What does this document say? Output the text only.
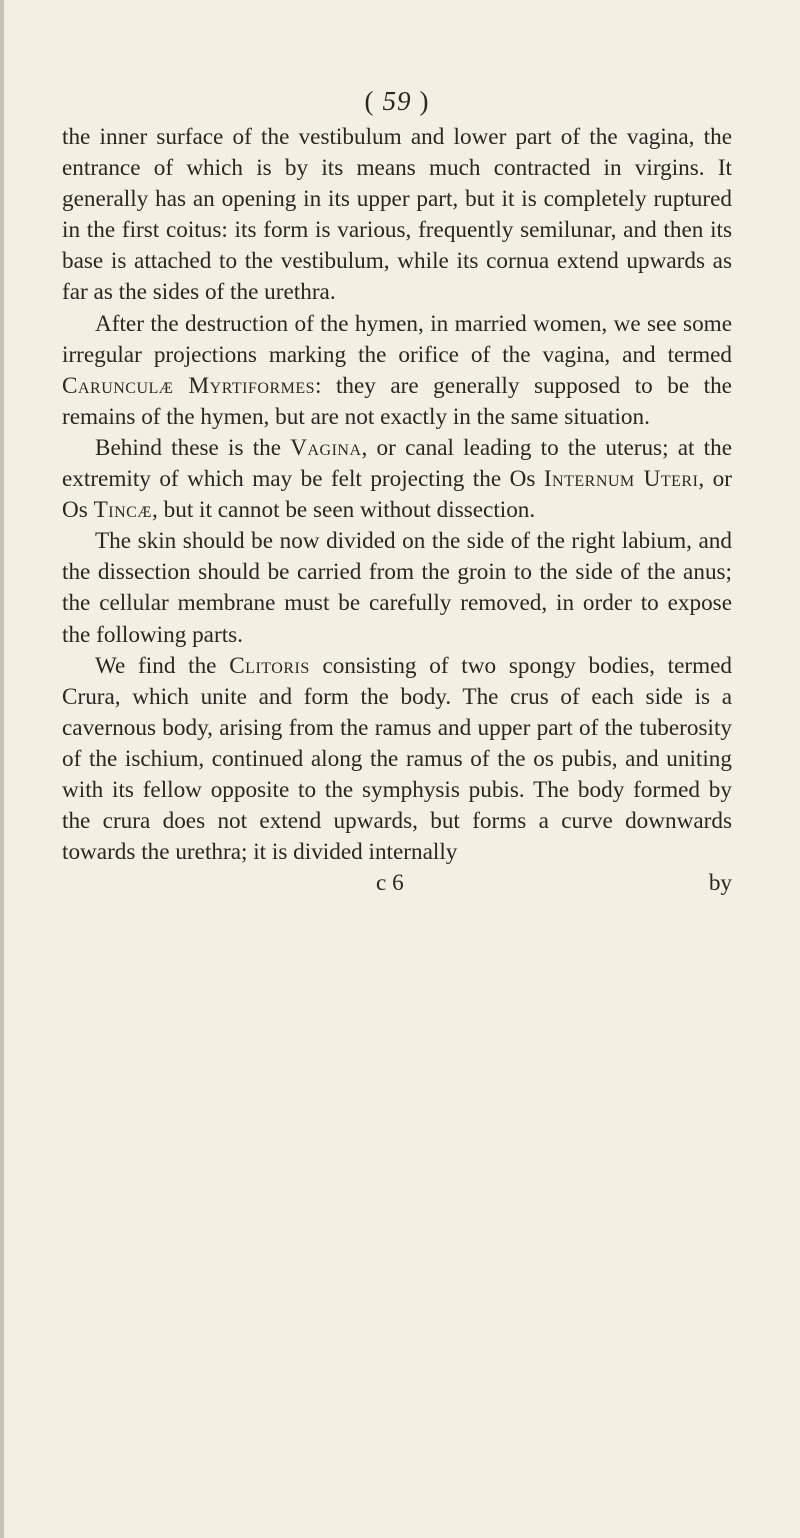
( 59 )

the inner surface of the vestibulum and lower part of the vagina, the entrance of which is by its means much contracted in virgins. It generally has an opening in its upper part, but it is completely ruptured in the first coitus: its form is various, frequently semilunar, and then its base is attached to the vestibulum, while its cornua extend upwards as far as the sides of the urethra.

After the destruction of the hymen, in married women, we see some irregular projections marking the orifice of the vagina, and termed Carunculæ Myrtiformes: they are generally supposed to be the remains of the hymen, but are not exactly in the same situation.

Behind these is the Vagina, or canal leading to the uterus; at the extremity of which may be felt projecting the Os Internum Uteri, or Os Tincæ, but it cannot be seen without dissection.

The skin should be now divided on the side of the right labium, and the dissection should be carried from the groin to the side of the anus; the cellular membrane must be carefully removed, in order to expose the following parts.

We find the Clitoris consisting of two spongy bodies, termed Crura, which unite and form the body. The crus of each side is a cavernous body, arising from the ramus and upper part of the tuberosity of the ischium, continued along the ramus of the os pubis, and uniting with its fellow opposite to the symphysis pubis. The body formed by the crura does not extend upwards, but forms a curve downwards towards the urethra; it is divided internally

c 6	by
